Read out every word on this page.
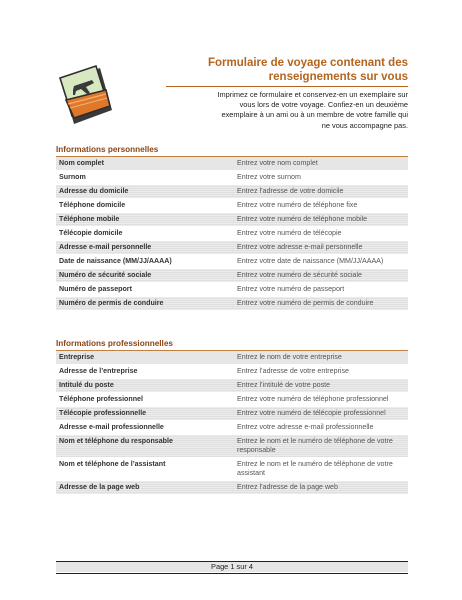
Formulaire de voyage contenant des
renseignements sur vous
Imprimez ce formulaire et conservez-en un exemplaire sur
vous lors de votre voyage. Confiez-en un deuxième
exemplaire à un ami ou à un membre de votre famille qui
ne vous accompagne pas.
Informations personnelles
Nom complet	Entrez votre nom complet
Surnom	Entrez votre surnom
Adresse du domicile	Entrez l’adresse de votre domicile
Téléphone domicile	Entrez votre numéro de téléphone fixe
Téléphone mobile	Entrez votre numéro de téléphone mobile
Télécopie domicile	Entrez votre numéro de télécopie
Adresse e-mail personnelle	Entrez votre adresse e-mail personnelle
Date de naissance (MM/JJ/AAAA)	Entrez votre date de naissance (MM/JJ/AAAA)
Numéro de sécurité sociale	Entrez votre numéro de sécurité sociale
Numéro de passeport	Entrez votre numéro de passeport
Numéro de permis de conduire	Entrez votre numéro de permis de conduire
Informations professionnelles
Entreprise	Entrez le nom de votre entreprise
Adresse de l’entreprise	Entrez l’adresse de votre entreprise
Intitulé du poste	Entrez l’intitulé de votre poste
Téléphone professionnel	Entrez votre numéro de téléphone professionnel
Télécopie professionnelle	Entrez votre numéro de télécopie professionnel
Adresse e-mail professionnelle	Entrez votre adresse e-mail professionnelle
Nom et téléphone du responsable	Entrez le nom et le numéro de téléphone de votre responsable
Nom et téléphone de l’assistant	Entrez le nom et le numéro de téléphone de votre assistant
Adresse de la page web	Entrez l’adresse de la page web
Page 1 sur 4
